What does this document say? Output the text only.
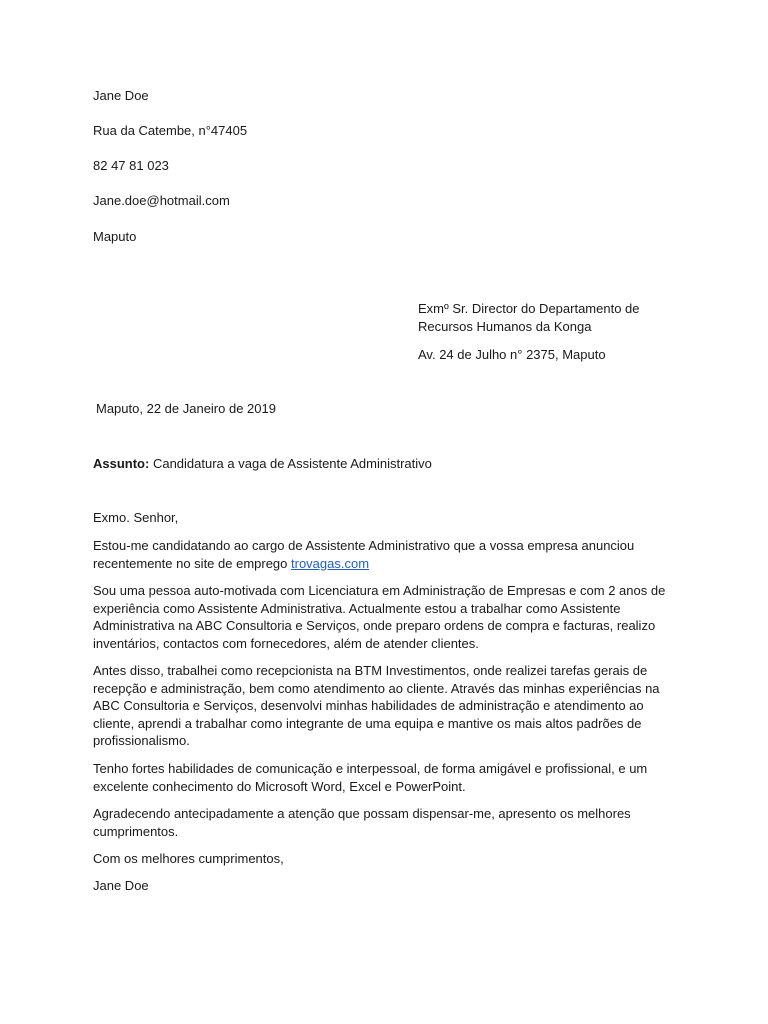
Jane Doe
Rua da Catembe, n°47405
82 47 81 023
Jane.doe@hotmail.com
Maputo
Exmº Sr. Director do Departamento de
Recursos Humanos da Konga
Av. 24 de Julho n° 2375, Maputo
Maputo, 22 de Janeiro de 2019
Assunto: Candidatura a vaga de Assistente Administrativo
Exmo. Senhor,
Estou-me candidatando ao cargo de Assistente Administrativo que a vossa empresa anunciou
recentemente no site de emprego trovagas.com
Sou uma pessoa auto-motivada com Licenciatura em Administração de Empresas e com 2 anos de
experiência como Assistente Administrativa. Actualmente estou a trabalhar como Assistente
Administrativa na ABC Consultoria e Serviços, onde preparo ordens de compra e facturas, realizo
inventários, contactos com fornecedores, além de atender clientes.
Antes disso, trabalhei como recepcionista na BTM Investimentos, onde realizei tarefas gerais de
recepção e administração, bem como atendimento ao cliente. Através das minhas experiências na
ABC Consultoria e Serviços, desenvolvi minhas habilidades de administração e atendimento ao
cliente, aprendi a trabalhar como integrante de uma equipa e mantive os mais altos padrões de
profissionalismo.
Tenho fortes habilidades de comunicação e interpessoal, de forma amigável e profissional, e um
excelente conhecimento do Microsoft Word, Excel e PowerPoint.
Agradecendo antecipadamente a atenção que possam dispensar-me, apresento os melhores
cumprimentos.
Com os melhores cumprimentos,
Jane Doe
